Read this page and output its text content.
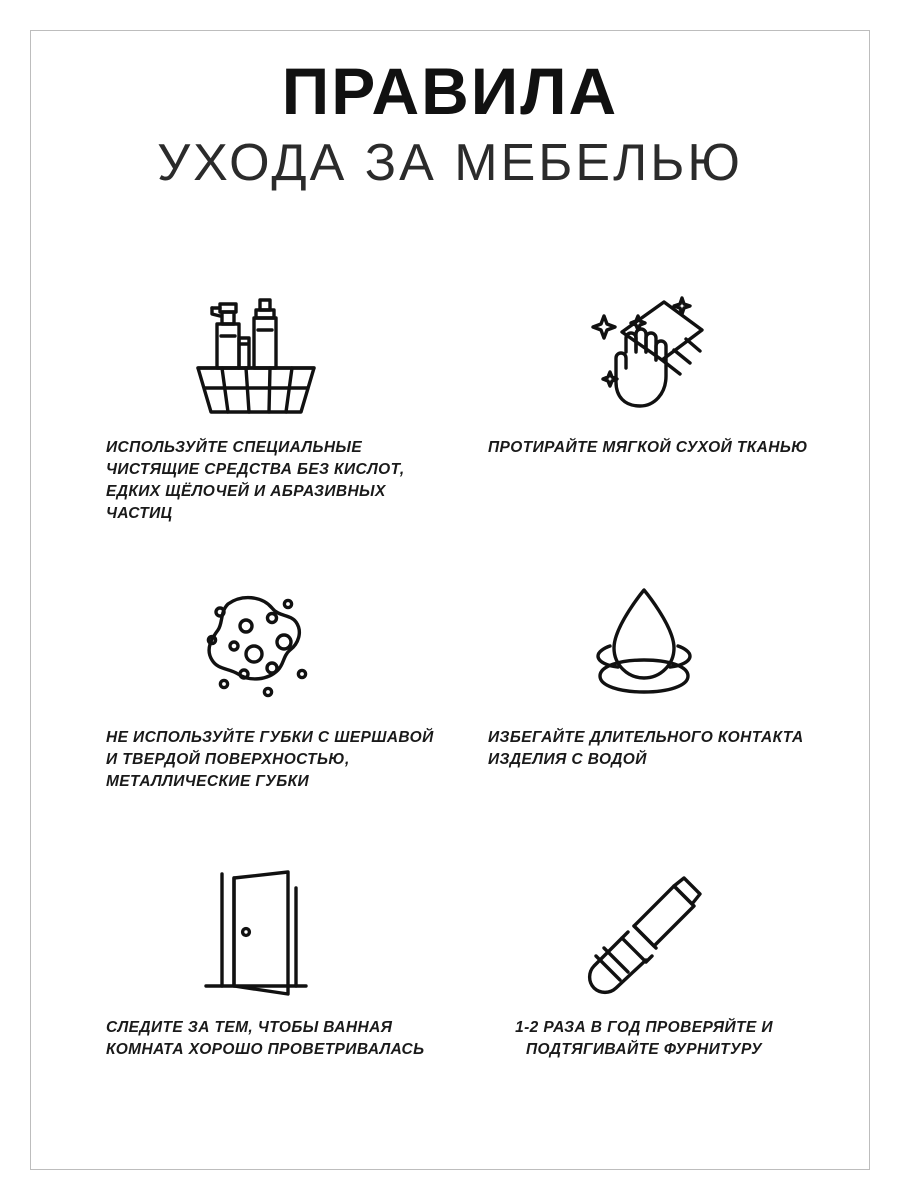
ПРАВИЛА
УХОДА ЗА МЕБЕЛЬЮ

ИСПОЛЬЗУЙТЕ СПЕЦИАЛЬНЫЕ ЧИСТЯЩИЕ СРЕДСТВА БЕЗ КИСЛОТ, ЕДКИХ ЩЁЛОЧЕЙ И АБРАЗИВНЫХ ЧАСТИЦ

ПРОТИРАЙТЕ МЯГКОЙ СУХОЙ ТКАНЬЮ

НЕ ИСПОЛЬЗУЙТЕ ГУБКИ С ШЕРШАВОЙ И ТВЕРДОЙ ПОВЕРХНОСТЬЮ, МЕТАЛЛИЧЕСКИЕ ГУБКИ

ИЗБЕГАЙТЕ ДЛИТЕЛЬНОГО КОНТАКТА ИЗДЕЛИЯ С ВОДОЙ

СЛЕДИТЕ ЗА ТЕМ, ЧТОБЫ ВАННАЯ КОМНАТА ХОРОШО ПРОВЕТРИВАЛАСЬ

1-2 РАЗА В ГОД ПРОВЕРЯЙТЕ И ПОДТЯГИВАЙТЕ ФУРНИТУРУ
